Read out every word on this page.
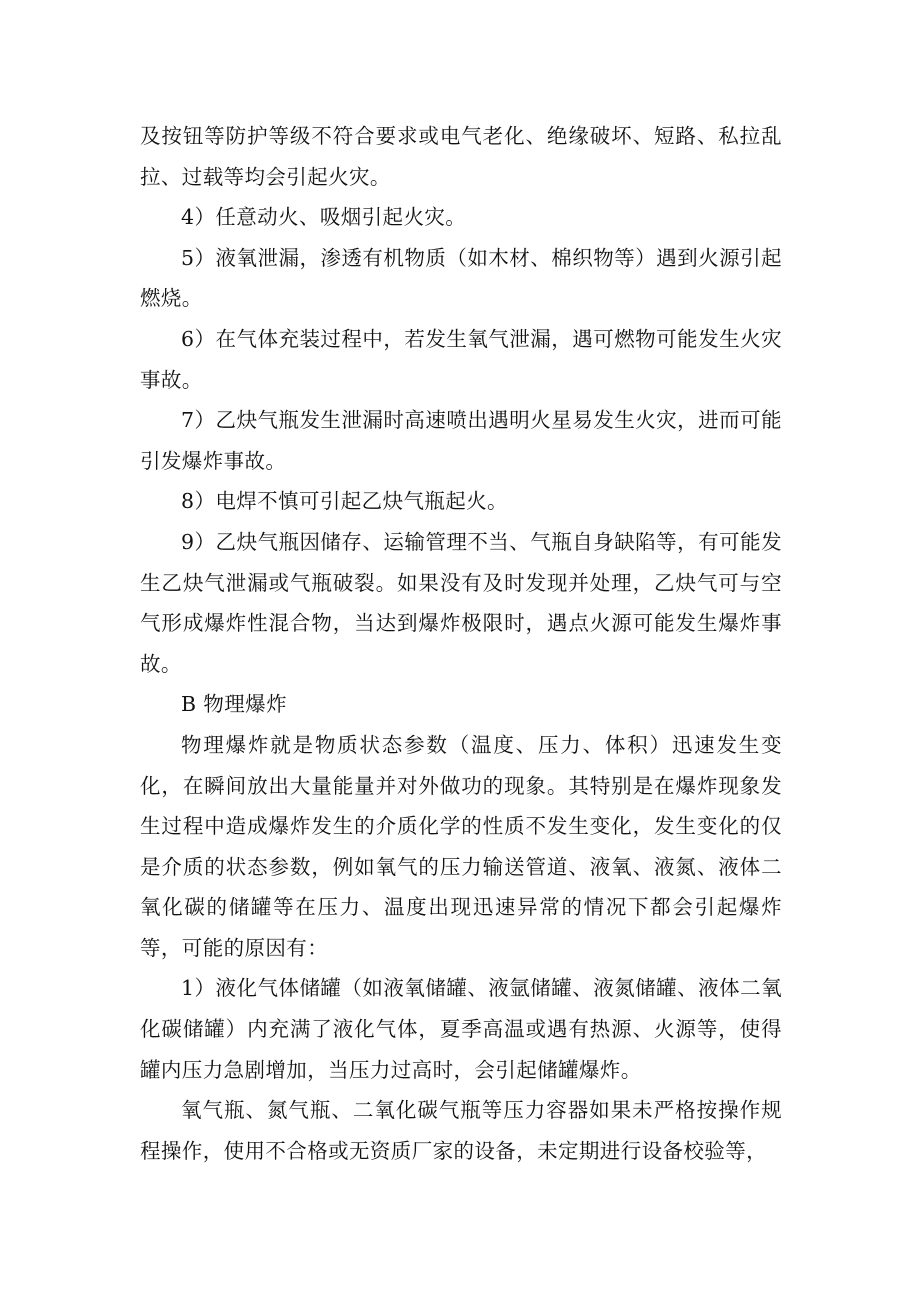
及按钮等防护等级不符合要求或电气老化、绝缘破坏、短路、私拉乱拉、过载等均会引起火灾。

4）任意动火、吸烟引起火灾。

5）液氧泄漏，渗透有机物质（如木材、棉织物等）遇到火源引起燃烧。

6）在气体充装过程中，若发生氧气泄漏，遇可燃物可能发生火灾事故。

7）乙炔气瓶发生泄漏时高速喷出遇明火星易发生火灾，进而可能引发爆炸事故。

8）电焊不慎可引起乙炔气瓶起火。

9）乙炔气瓶因储存、运输管理不当、气瓶自身缺陷等，有可能发生乙炔气泄漏或气瓶破裂。如果没有及时发现并处理，乙炔气可与空气形成爆炸性混合物，当达到爆炸极限时，遇点火源可能发生爆炸事故。

B 物理爆炸

物理爆炸就是物质状态参数（温度、压力、体积）迅速发生变化，在瞬间放出大量能量并对外做功的现象。其特别是在爆炸现象发生过程中造成爆炸发生的介质化学的性质不发生变化，发生变化的仅是介质的状态参数，例如氧气的压力输送管道、液氧、液氮、液体二氧化碳的储罐等在压力、温度出现迅速异常的情况下都会引起爆炸等，可能的原因有：

1）液化气体储罐（如液氧储罐、液氩储罐、液氮储罐、液体二氧化碳储罐）内充满了液化气体，夏季高温或遇有热源、火源等，使得罐内压力急剧增加，当压力过高时，会引起储罐爆炸。

氧气瓶、氮气瓶、二氧化碳气瓶等压力容器如果未严格按操作规程操作，使用不合格或无资质厂家的设备，未定期进行设备校验等，
